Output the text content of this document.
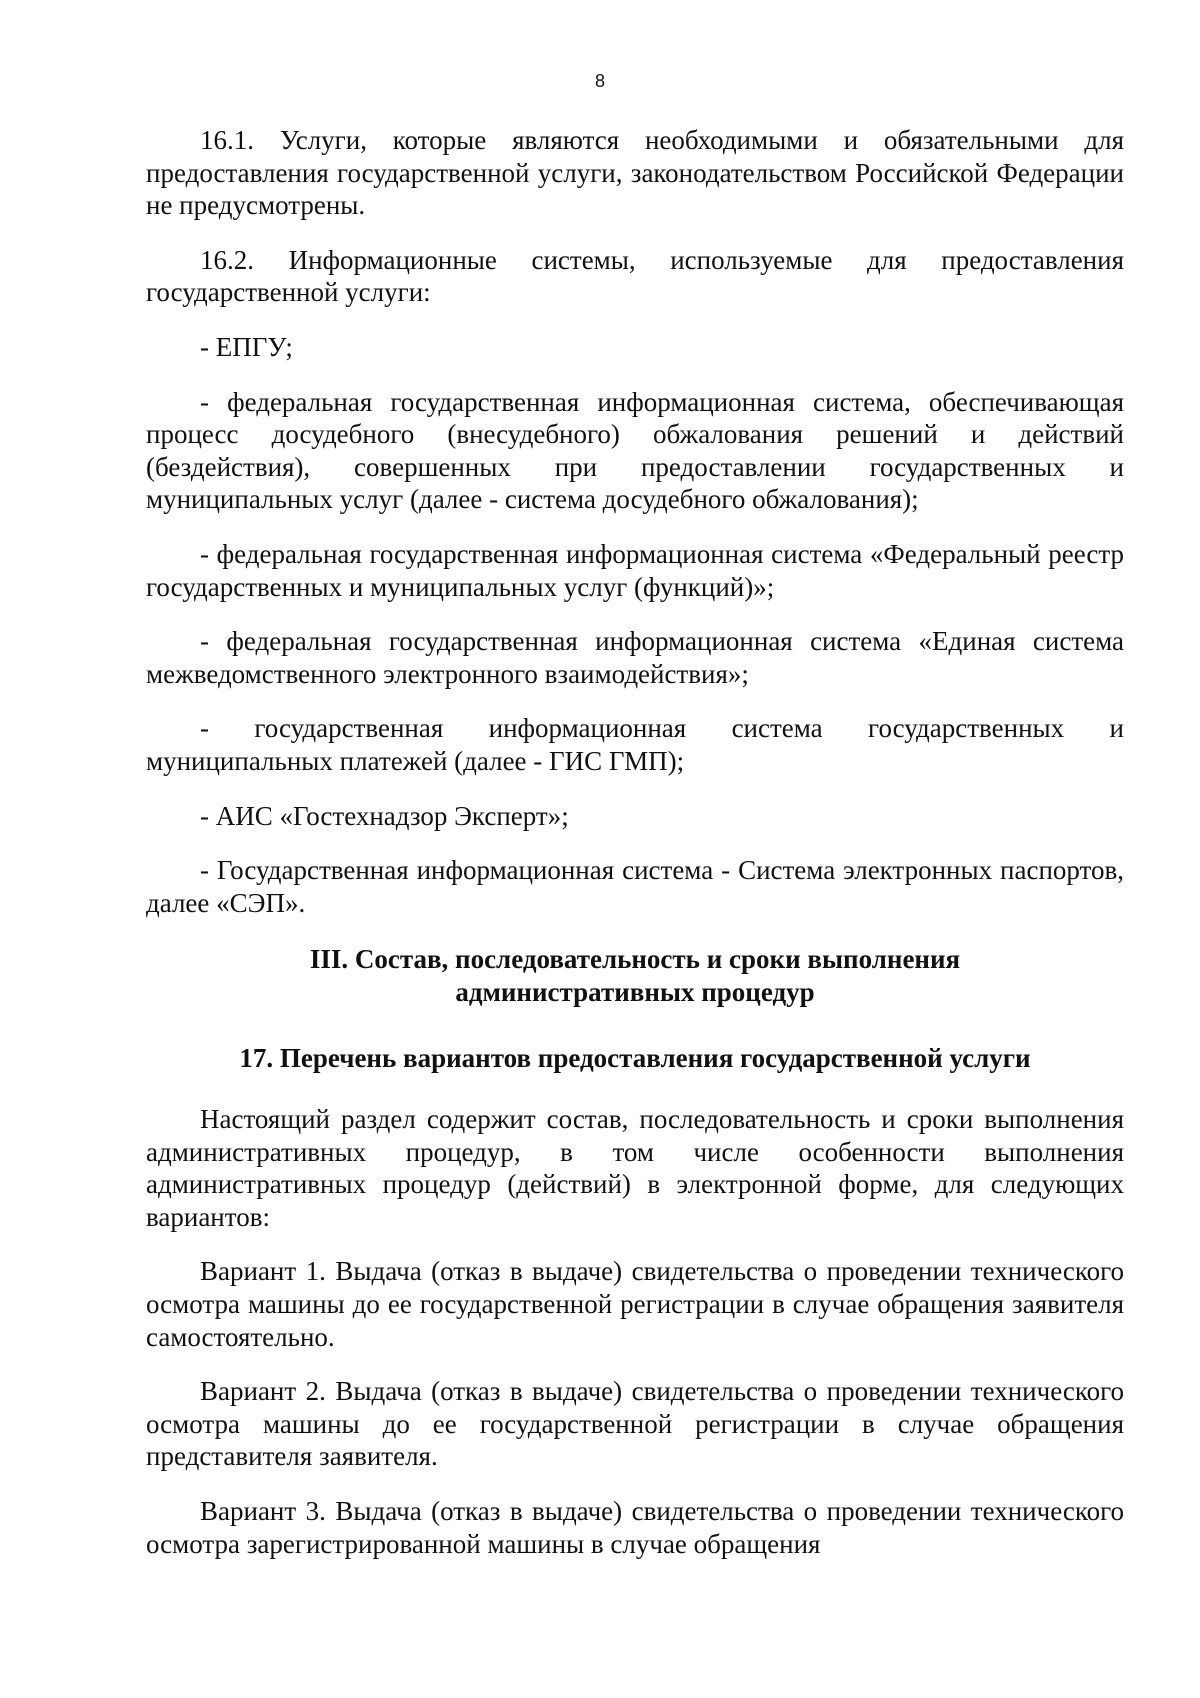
8

16.1. Услуги, которые являются необходимыми и обязательными для предоставления государственной услуги, законодательством Российской Федерации не предусмотрены.

16.2. Информационные системы, используемые для предоставления государственной услуги:

- ЕПГУ;

- федеральная государственная информационная система, обеспечивающая процесс досудебного (внесудебного) обжалования решений и действий (бездействия), совершенных при предоставлении государственных и муниципальных услуг (далее - система досудебного обжалования);

- федеральная государственная информационная система «Федеральный реестр государственных и муниципальных услуг (функций)»;

- федеральная государственная информационная система «Единая система межведомственного электронного взаимодействия»;

- государственная информационная система государственных и муниципальных платежей (далее - ГИС ГМП);

- АИС «Гостехнадзор Эксперт»;

- Государственная информационная система - Система электронных паспортов, далее «СЭП».

III. Состав, последовательность и сроки выполнения
административных процедур
17. Перечень вариантов предоставления государственной услуги

Настоящий раздел содержит состав, последовательность и сроки выполнения административных процедур, в том числе особенности выполнения административных процедур (действий) в электронной форме, для следующих вариантов:

Вариант 1. Выдача (отказ в выдаче) свидетельства о проведении технического осмотра машины до ее государственной регистрации в случае обращения заявителя самостоятельно.

Вариант 2. Выдача (отказ в выдаче) свидетельства о проведении технического осмотра машины до ее государственной регистрации в случае обращения представителя заявителя.

Вариант 3. Выдача (отказ в выдаче) свидетельства о проведении технического осмотра зарегистрированной машины в случае обращения
